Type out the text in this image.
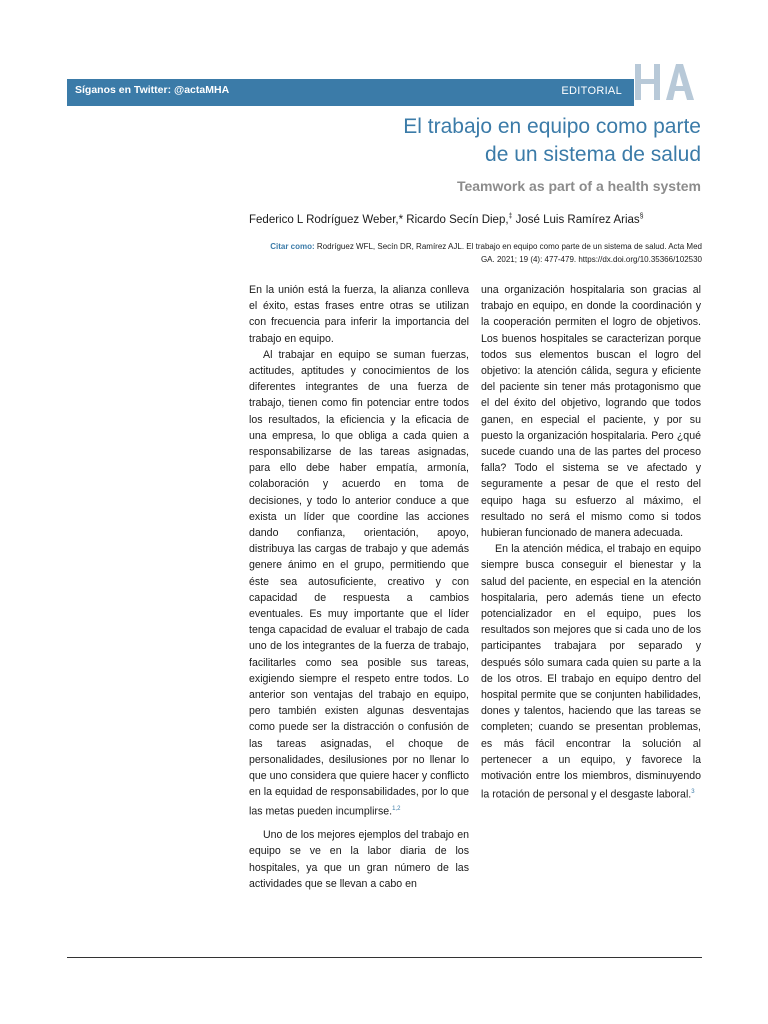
Síganos en Twitter: @actaMHA	EDITORIAL
El trabajo en equipo como parte
de un sistema de salud
Teamwork as part of a health system
Federico L Rodríguez Weber,* Ricardo Secín Diep,‡ José Luis Ramírez Arias§
Citar como: Rodríguez WFL, Secín DR, Ramírez AJL. El trabajo en equipo como parte de un sistema de salud. Acta Med GA. 2021; 19 (4): 477-479. https://dx.doi.org/10.35366/102530

En la unión está la fuerza, la alianza conlleva el éxito, estas frases entre otras se utilizan con frecuencia para inferir la importancia del trabajo en equipo.

Al trabajar en equipo se suman fuerzas, actitudes, aptitudes y conocimientos de los diferentes integrantes de una fuerza de trabajo, tienen como fin potenciar entre todos los resultados, la eficiencia y la eficacia de una empresa, lo que obliga a cada quien a responsabilizarse de las tareas asignadas, para ello debe haber empatía, armonía, colaboración y acuerdo en toma de decisiones, y todo lo anterior conduce a que exista un líder que coordine las acciones dando confianza, orientación, apoyo, distribuya las cargas de trabajo y que además genere ánimo en el grupo, permitiendo que éste sea autosuficiente, creativo y con capacidad de respuesta a cambios eventuales. Es muy importante que el líder tenga capacidad de evaluar el trabajo de cada uno de los integrantes de la fuerza de trabajo, facilitarles como sea posible sus tareas, exigiendo siempre el respeto entre todos. Lo anterior son ventajas del trabajo en equipo, pero también existen algunas desventajas como puede ser la distracción o confusión de las tareas asignadas, el choque de personalidades, desilusiones por no llenar lo que uno considera que quiere hacer y conflicto en la equidad de responsabilidades, por lo que las metas pueden incumplirse.$^{1,2}$

Uno de los mejores ejemplos del trabajo en equipo se ve en la labor diaria de los hospitales, ya que un gran número de las actividades que se llevan a cabo en

una organización hospitalaria son gracias al trabajo en equipo, en donde la coordinación y la cooperación permiten el logro de objetivos. Los buenos hospitales se caracterizan porque todos sus elementos buscan el logro del objetivo: la atención cálida, segura y eficiente del paciente sin tener más protagonismo que el del éxito del objetivo, logrando que todos ganen, en especial el paciente, y por su puesto la organización hospitalaria. Pero ¿qué sucede cuando una de las partes del proceso falla? Todo el sistema se ve afectado y seguramente a pesar de que el resto del equipo haga su esfuerzo al máximo, el resultado no será el mismo como si todos hubieran funcionado de manera adecuada.

En la atención médica, el trabajo en equipo siempre busca conseguir el bienestar y la salud del paciente, en especial en la atención hospitalaria, pero además tiene un efecto potencializador en el equipo, pues los resultados son mejores que si cada uno de los participantes trabajara por separado y después sólo sumara cada quien su parte a la de los otros. El trabajo en equipo dentro del hospital permite que se conjunten habilidades, dones y talentos, haciendo que las tareas se completen; cuando se presentan problemas, es más fácil encontrar la solución al pertenecer a un equipo, y favorece la motivación entre los miembros, disminuyendo la rotación de personal y el desgaste laboral.$^3$
